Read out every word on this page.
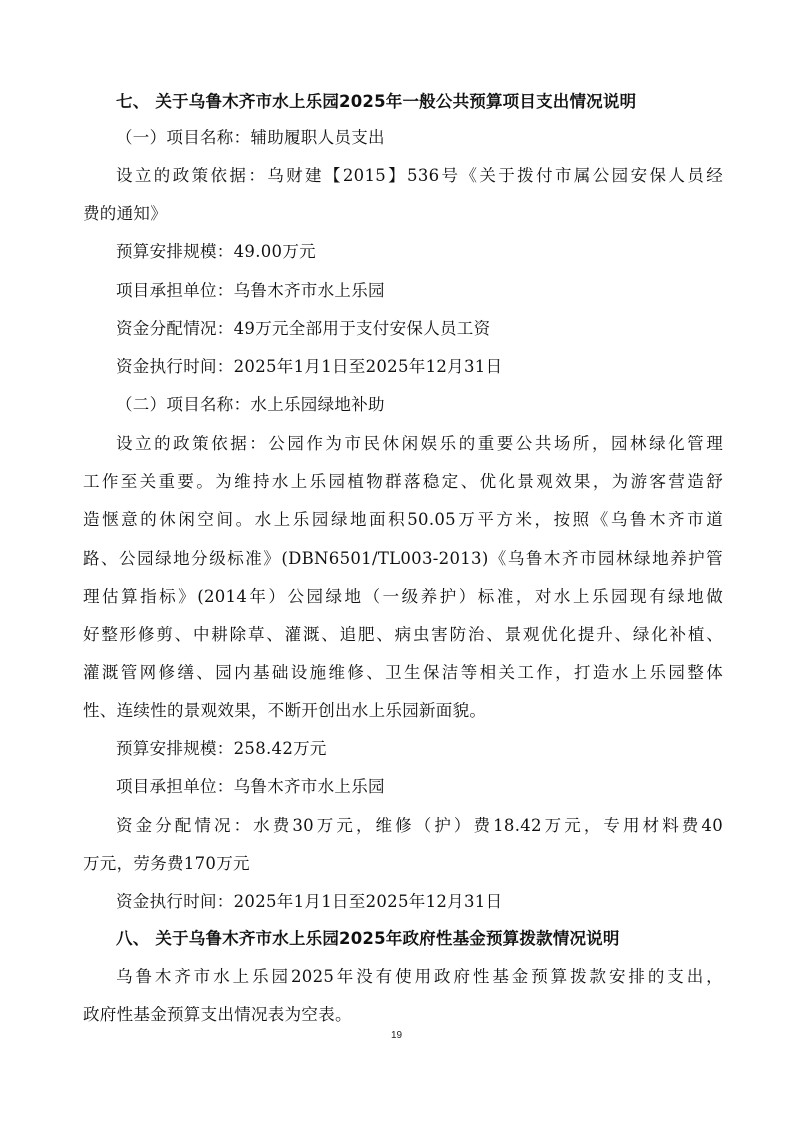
七、 关于乌鲁木齐市水上乐园2025年一般公共预算项目支出情况说明
（一）项目名称：辅助履职人员支出
设立的政策依据：乌财建【2015】536号《关于拨付市属公园安保人员经
费的通知》
预算安排规模：49.00万元
项目承担单位：乌鲁木齐市水上乐园
资金分配情况：49万元全部用于支付安保人员工资
资金执行时间：2025年1月1日至2025年12月31日
（二）项目名称：水上乐园绿地补助
设立的政策依据：公园作为市民休闲娱乐的重要公共场所，园林绿化管理
工作至关重要。为维持水上乐园植物群落稳定、优化景观效果，为游客营造舒
造惬意的休闲空间。水上乐园绿地面积50.05万平方米，按照《乌鲁木齐市道
路、公园绿地分级标准》(DBN6501/TL003-2013)《乌鲁木齐市园林绿地养护管
理估算指标》(2014年）公园绿地（一级养护）标准，对水上乐园现有绿地做
好整形修剪、中耕除草、灌溉、追肥、病虫害防治、景观优化提升、绿化补植、
灌溉管网修缮、园内基础设施维修、卫生保洁等相关工作，打造水上乐园整体
性、连续性的景观效果，不断开创出水上乐园新面貌。
预算安排规模：258.42万元
项目承担单位：乌鲁木齐市水上乐园
资金分配情况：水费30万元，维修（护）费18.42万元，专用材料费40
万元，劳务费170万元
资金执行时间：2025年1月1日至2025年12月31日
八、 关于乌鲁木齐市水上乐园2025年政府性基金预算拨款情况说明
乌鲁木齐市水上乐园2025年没有使用政府性基金预算拨款安排的支出，
政府性基金预算支出情况表为空表。
19
